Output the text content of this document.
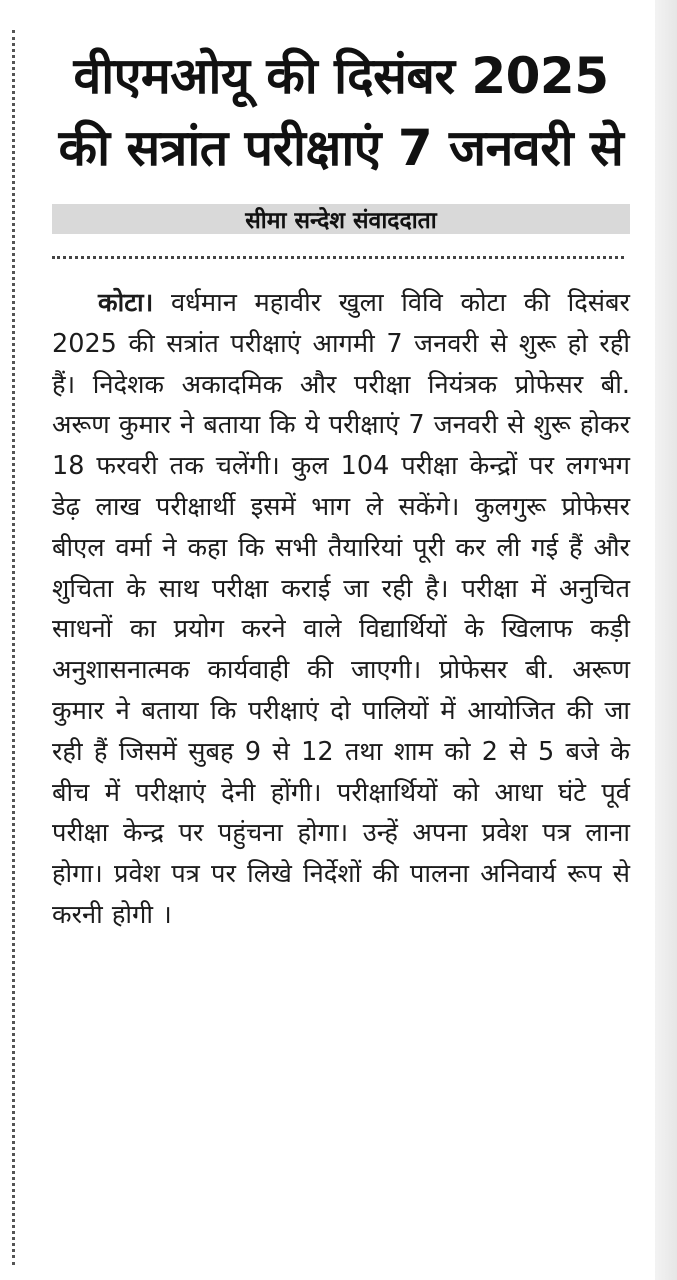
वीएमओयू की दिसंबर 2025 की सत्रांत परीक्षाएं 7 जनवरी से
सीमा सन्देश संवाददाता

कोटा। वर्धमान महावीर खुला विवि कोटा की दिसंबर 2025 की सत्रांत परीक्षाएं आगमी 7 जनवरी से शुरू हो रही हैं। निदेशक अकादमिक और परीक्षा नियंत्रक प्रोफेसर बी. अरूण कुमार ने बताया कि ये परीक्षाएं 7 जनवरी से शुरू होकर 18 फरवरी तक चलेंगी। कुल 104 परीक्षा केन्द्रों पर लगभग डेढ़ लाख परीक्षार्थी इसमें भाग ले सकेंगे। कुलगुरू प्रोफेसर बीएल वर्मा ने कहा कि सभी तैयारियां पूरी कर ली गई हैं और शुचिता के साथ परीक्षा कराई जा रही है। परीक्षा में अनुचित साधनों का प्रयोग करने वाले विद्यार्थियों के खिलाफ कड़ी अनुशासनात्मक कार्यवाही की जाएगी। प्रोफेसर बी. अरूण कुमार ने बताया कि परीक्षाएं दो पालियों में आयोजित की जा रही हैं जिसमें सुबह 9 से 12 तथा शाम को 2 से 5 बजे के बीच में परीक्षाएं देनी होंगी। परीक्षार्थियों को आधा घंटे पूर्व परीक्षा केन्द्र पर पहुंचना होगा। उन्हें अपना प्रवेश पत्र लाना होगा। प्रवेश पत्र पर लिखे निर्देशों की पालना अनिवार्य रूप से करनी होगी ।
